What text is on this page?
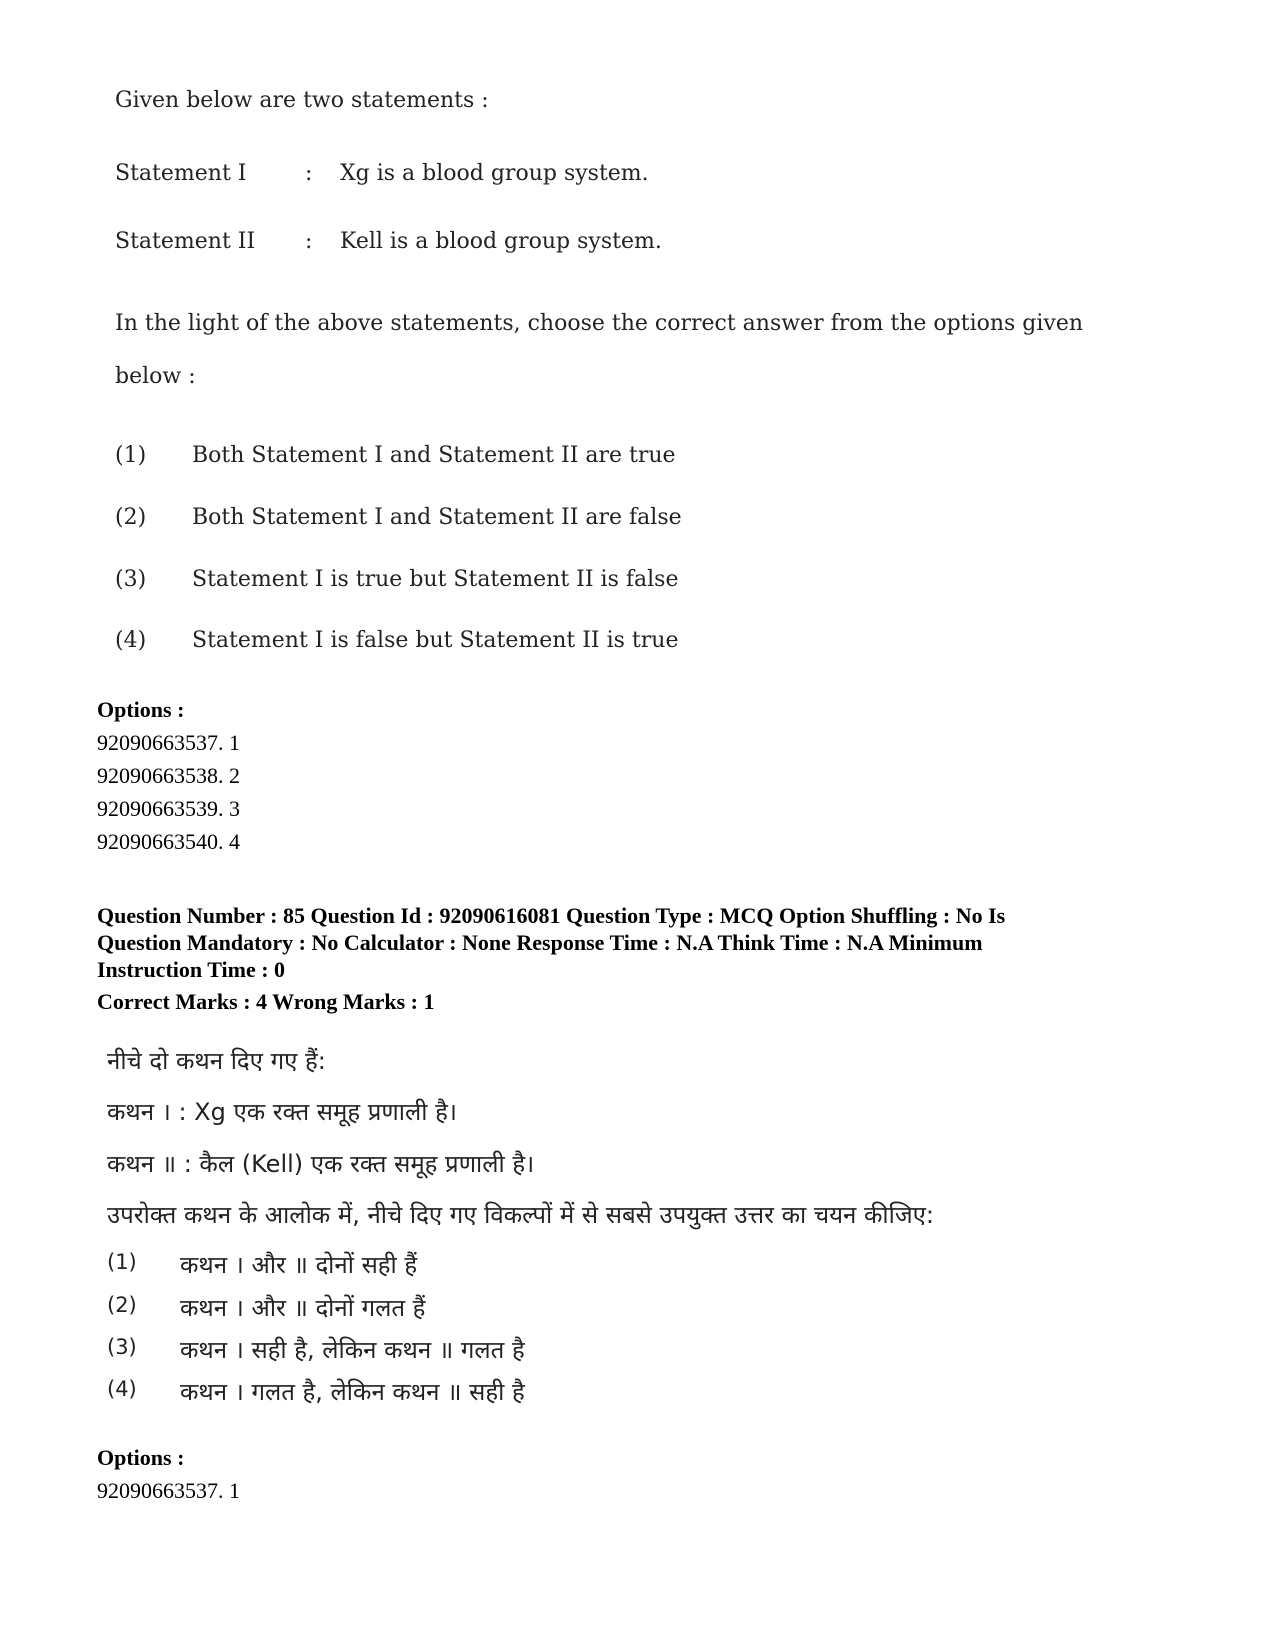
Given below are two statements :
Statement I	: Xg is a blood group system.
Statement II : Kell is a blood group system.
In the light of the above statements, choose the correct answer from the options given
below :
(1) Both Statement I and Statement II are true
(2) Both Statement I and Statement II are false
(3) Statement I is true but Statement II is false
(4) Statement I is false but Statement II is true
Options :
92090663537. 1
92090663538. 2
92090663539. 3
92090663540. 4
Question Number : 85 Question Id : 92090616081 Question Type : MCQ Option Shuffling : No Is
Question Mandatory : No Calculator : None Response Time : N.A Think Time : N.A Minimum
Instruction Time : 0
Correct Marks : 4 Wrong Marks : 1
नीचे दो कथन दिए गए हैं:
कथन । : Xg एक रक्त समूह प्रणाली है।
कथन ॥ : कैल (Kell) एक रक्त समूह प्रणाली है।
उपरोक्त कथन के आलोक में, नीचे दिए गए विकल्पों में से सबसे उपयुक्त उत्तर का चयन कीजिए:
(1) कथन । और ॥ दोनों सही हैं
(2) कथन । और ॥ दोनों गलत हैं
(3) कथन । सही है, लेकिन कथन ॥ गलत है
(4) कथन । गलत है, लेकिन कथन ॥ सही है
Options :
92090663537. 1
